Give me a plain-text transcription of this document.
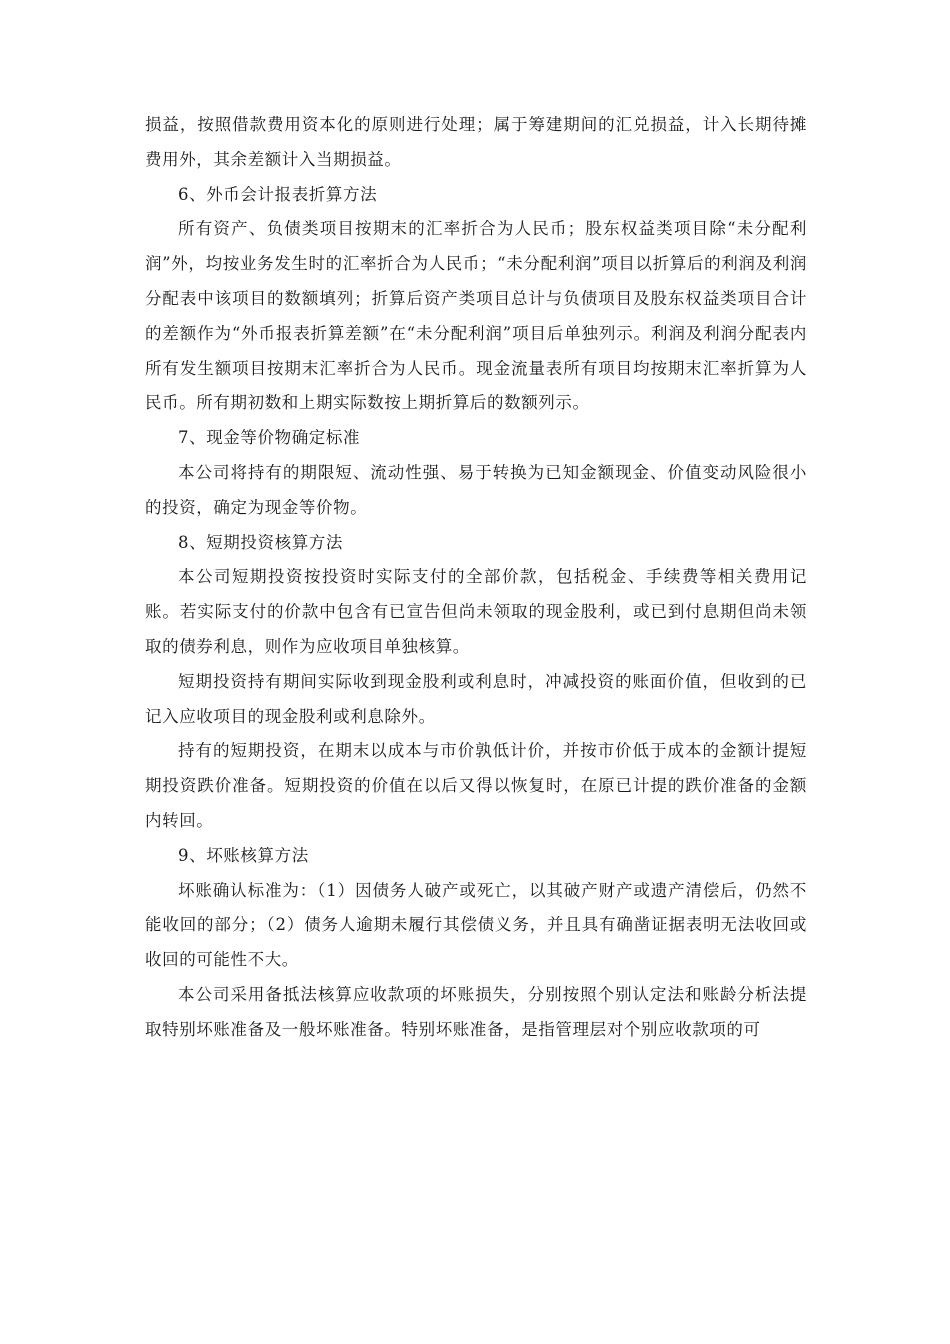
损益，按照借款费用资本化的原则进行处理；属于筹建期间的汇兑损益，计入长期待摊费用外，其余差额计入当期损益。

6、外币会计报表折算方法

所有资产、负债类项目按期末的汇率折合为人民币；股东权益类项目除“未分配利润”外，均按业务发生时的汇率折合为人民币；“未分配利润”项目以折算后的利润及利润分配表中该项目的数额填列；折算后资产类项目总计与负债项目及股东权益类项目合计的差额作为“外币报表折算差额”在“未分配利润”项目后单独列示。利润及利润分配表内所有发生额项目按期末汇率折合为人民币。现金流量表所有项目均按期末汇率折算为人民币。所有期初数和上期实际数按上期折算后的数额列示。

7、现金等价物确定标准

本公司将持有的期限短、流动性强、易于转换为已知金额现金、价值变动风险很小的投资，确定为现金等价物。

8、短期投资核算方法

本公司短期投资按投资时实际支付的全部价款，包括税金、手续费等相关费用记账。若实际支付的价款中包含有已宣告但尚未领取的现金股利，或已到付息期但尚未领取的债券利息，则作为应收项目单独核算。

短期投资持有期间实际收到现金股利或利息时，冲减投资的账面价值，但收到的已记入应收项目的现金股利或利息除外。

持有的短期投资，在期末以成本与市价孰低计价，并按市价低于成本的金额计提短期投资跌价准备。短期投资的价值在以后又得以恢复时，在原已计提的跌价准备的金额内转回。

9、坏账核算方法

坏账确认标准为：（1）因债务人破产或死亡，以其破产财产或遗产清偿后，仍然不能收回的部分；（2）债务人逾期未履行其偿债义务，并且具有确凿证据表明无法收回或收回的可能性不大。

本公司采用备抵法核算应收款项的坏账损失，分别按照个别认定法和账龄分析法提取特别坏账准备及一般坏账准备。特别坏账准备，是指管理层对个别应收款项的可
